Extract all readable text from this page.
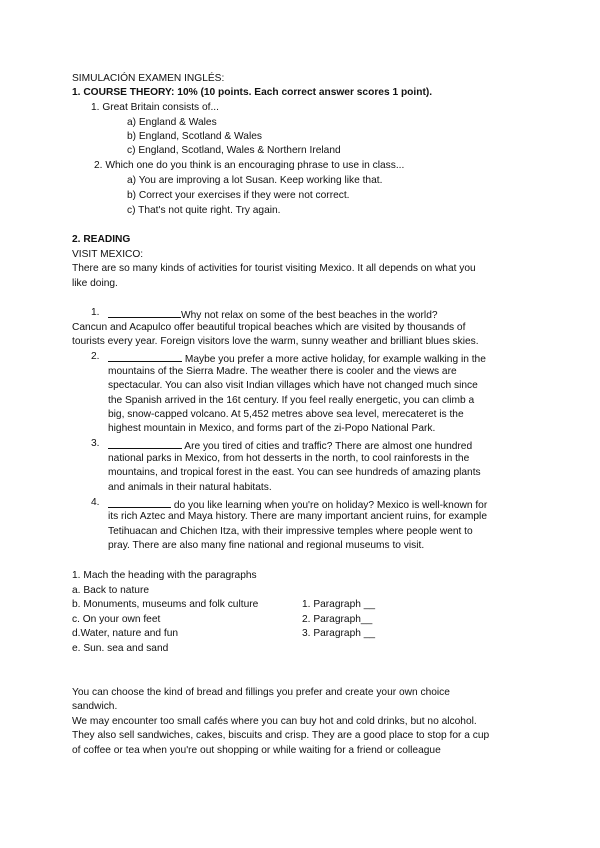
SIMULACIÓN EXAMEN INGLÉS:
1. COURSE THEORY: 10% (10 points. Each correct answer scores 1 point).
1. Great Britain consists of...
a) England & Wales
b) England, Scotland & Wales
c) England, Scotland, Wales & Northern Ireland
2. Which one do you think is an encouraging phrase to use in class...
a) You are improving a lot Susan. Keep working like that.
b) Correct your exercises if they were not correct.
c) That's not quite right. Try again.
2. READING
VISIT MEXICO:
There are so many kinds of activities for tourist visiting Mexico. It all depends on what you
like doing.
1.	Why not relax on some of the best beaches in the world?
Cancun and Acapulco offer beautiful tropical beaches which are visited by thousands of
tourists every year. Foreign visitors love the warm, sunny weather and brilliant blues skies.
2.	Maybe you prefer a more active holiday, for example walking in the
mountains of the Sierra Madre. The weather there is cooler and the views are
spectacular. You can also visit Indian villages which have not changed much since
the Spanish arrived in the 16t century. If you feel really energetic, you can climb a
big, snow-capped volcano. At 5,452 metres above sea level, merecateret is the
highest mountain in Mexico, and forms part of the zi-Popo National Park.
3.	Are you tired of cities and traffic? There are almost one hundred
national parks in Mexico, from hot desserts in the north, to cool rainforests in the
mountains, and tropical forest in the east. You can see hundreds of amazing plants
and animals in their natural habitats.
4.	do you like learning when you're on holiday? Mexico is well-known for
its rich Aztec and Maya history. There are many important ancient ruins, for example
Tetihuacan and Chichen Itza, with their impressive temples where people went to
pray. There are also many fine national and regional museums to visit.
1. Mach the heading with the paragraphs
a. Back to nature
b. Monuments, museums and folk culture
c. On your own feet
d.Water, nature and fun
e. Sun. sea and sand
1. Paragraph __
2. Paragraph__
3. Paragraph __
You can choose the kind of bread and fillings you prefer and create your own choice
sandwich.
We may encounter too small cafés where you can buy hot and cold drinks, but no alcohol.
They also sell sandwiches, cakes, biscuits and crisp. They are a good place to stop for a cup
of coffee or tea when you're out shopping or while waiting for a friend or colleague
